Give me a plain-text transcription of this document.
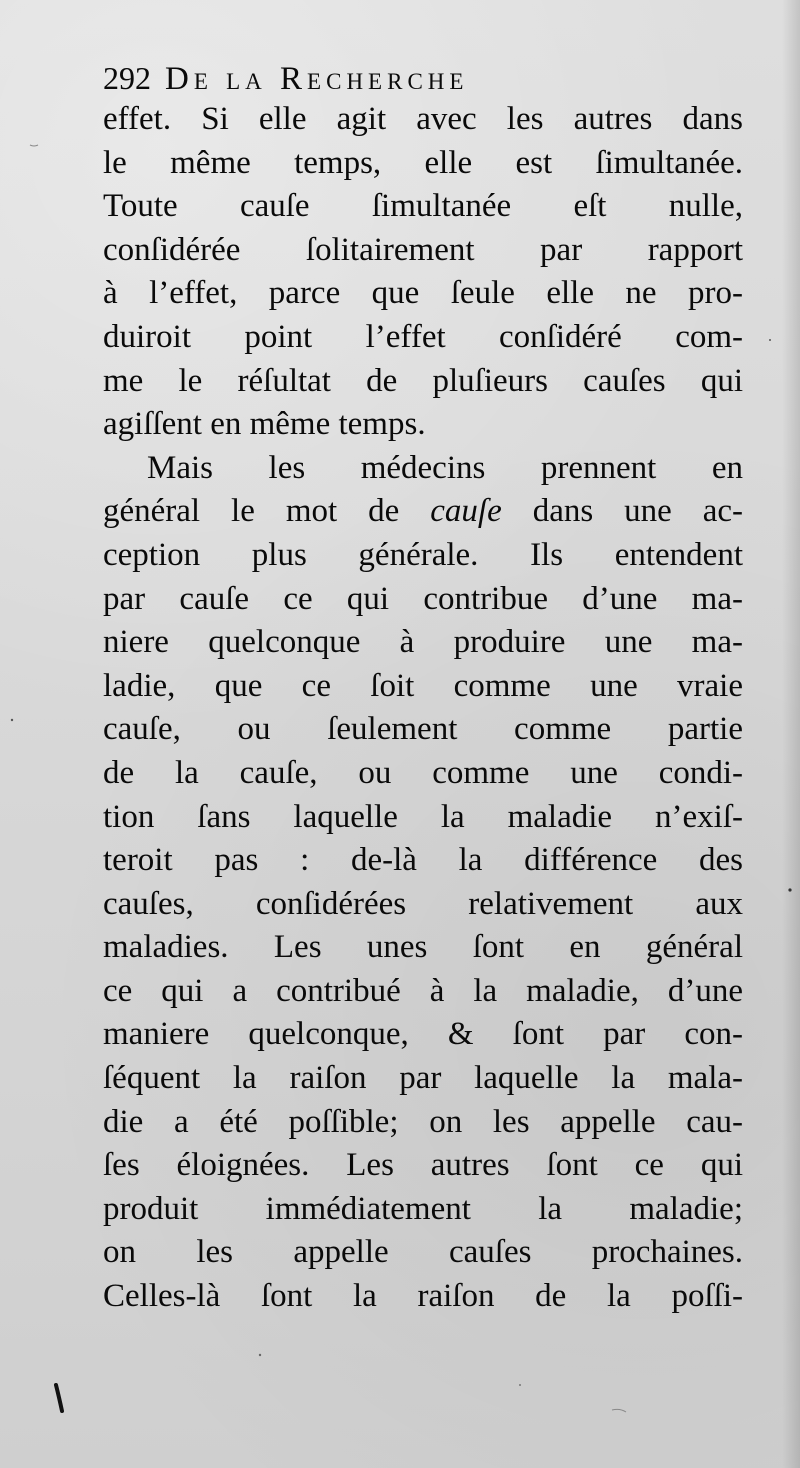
292 De la Recherche
effet. Si elle agit avec les autres dans
le même temps, elle est ſimultanée.
Toute cauſe ſimultanée eſt nulle,
conſidérée ſolitairement par rapport
à l’effet, parce que ſeule elle ne pro-
duiroit point l’effet conſidéré com-
me le réſultat de pluſieurs cauſes qui
agiſſent en même temps.
Mais les médecins prennent en
général le mot de cauſe dans une ac-
ception plus générale. Ils entendent
par cauſe ce qui contribue d’une ma-
niere quelconque à produire une ma-
ladie, que ce ſoit comme une vraie
cauſe, ou ſeulement comme partie
de la cauſe, ou comme une condi-
tion ſans laquelle la maladie n’exiſ-
teroit pas : de-là la différence des
cauſes, conſidérées relativement aux
maladies. Les unes ſont en général
ce qui a contribué à la maladie, d’une
maniere quelconque, & ſont par con-
ſéquent la raiſon par laquelle la mala-
die a été poſſible; on les appelle cau-
ſes éloignées. Les autres ſont ce qui
produit immédiatement la maladie;
on les appelle cauſes prochaines.
Celles-là ſont la raiſon de la poſſi-
